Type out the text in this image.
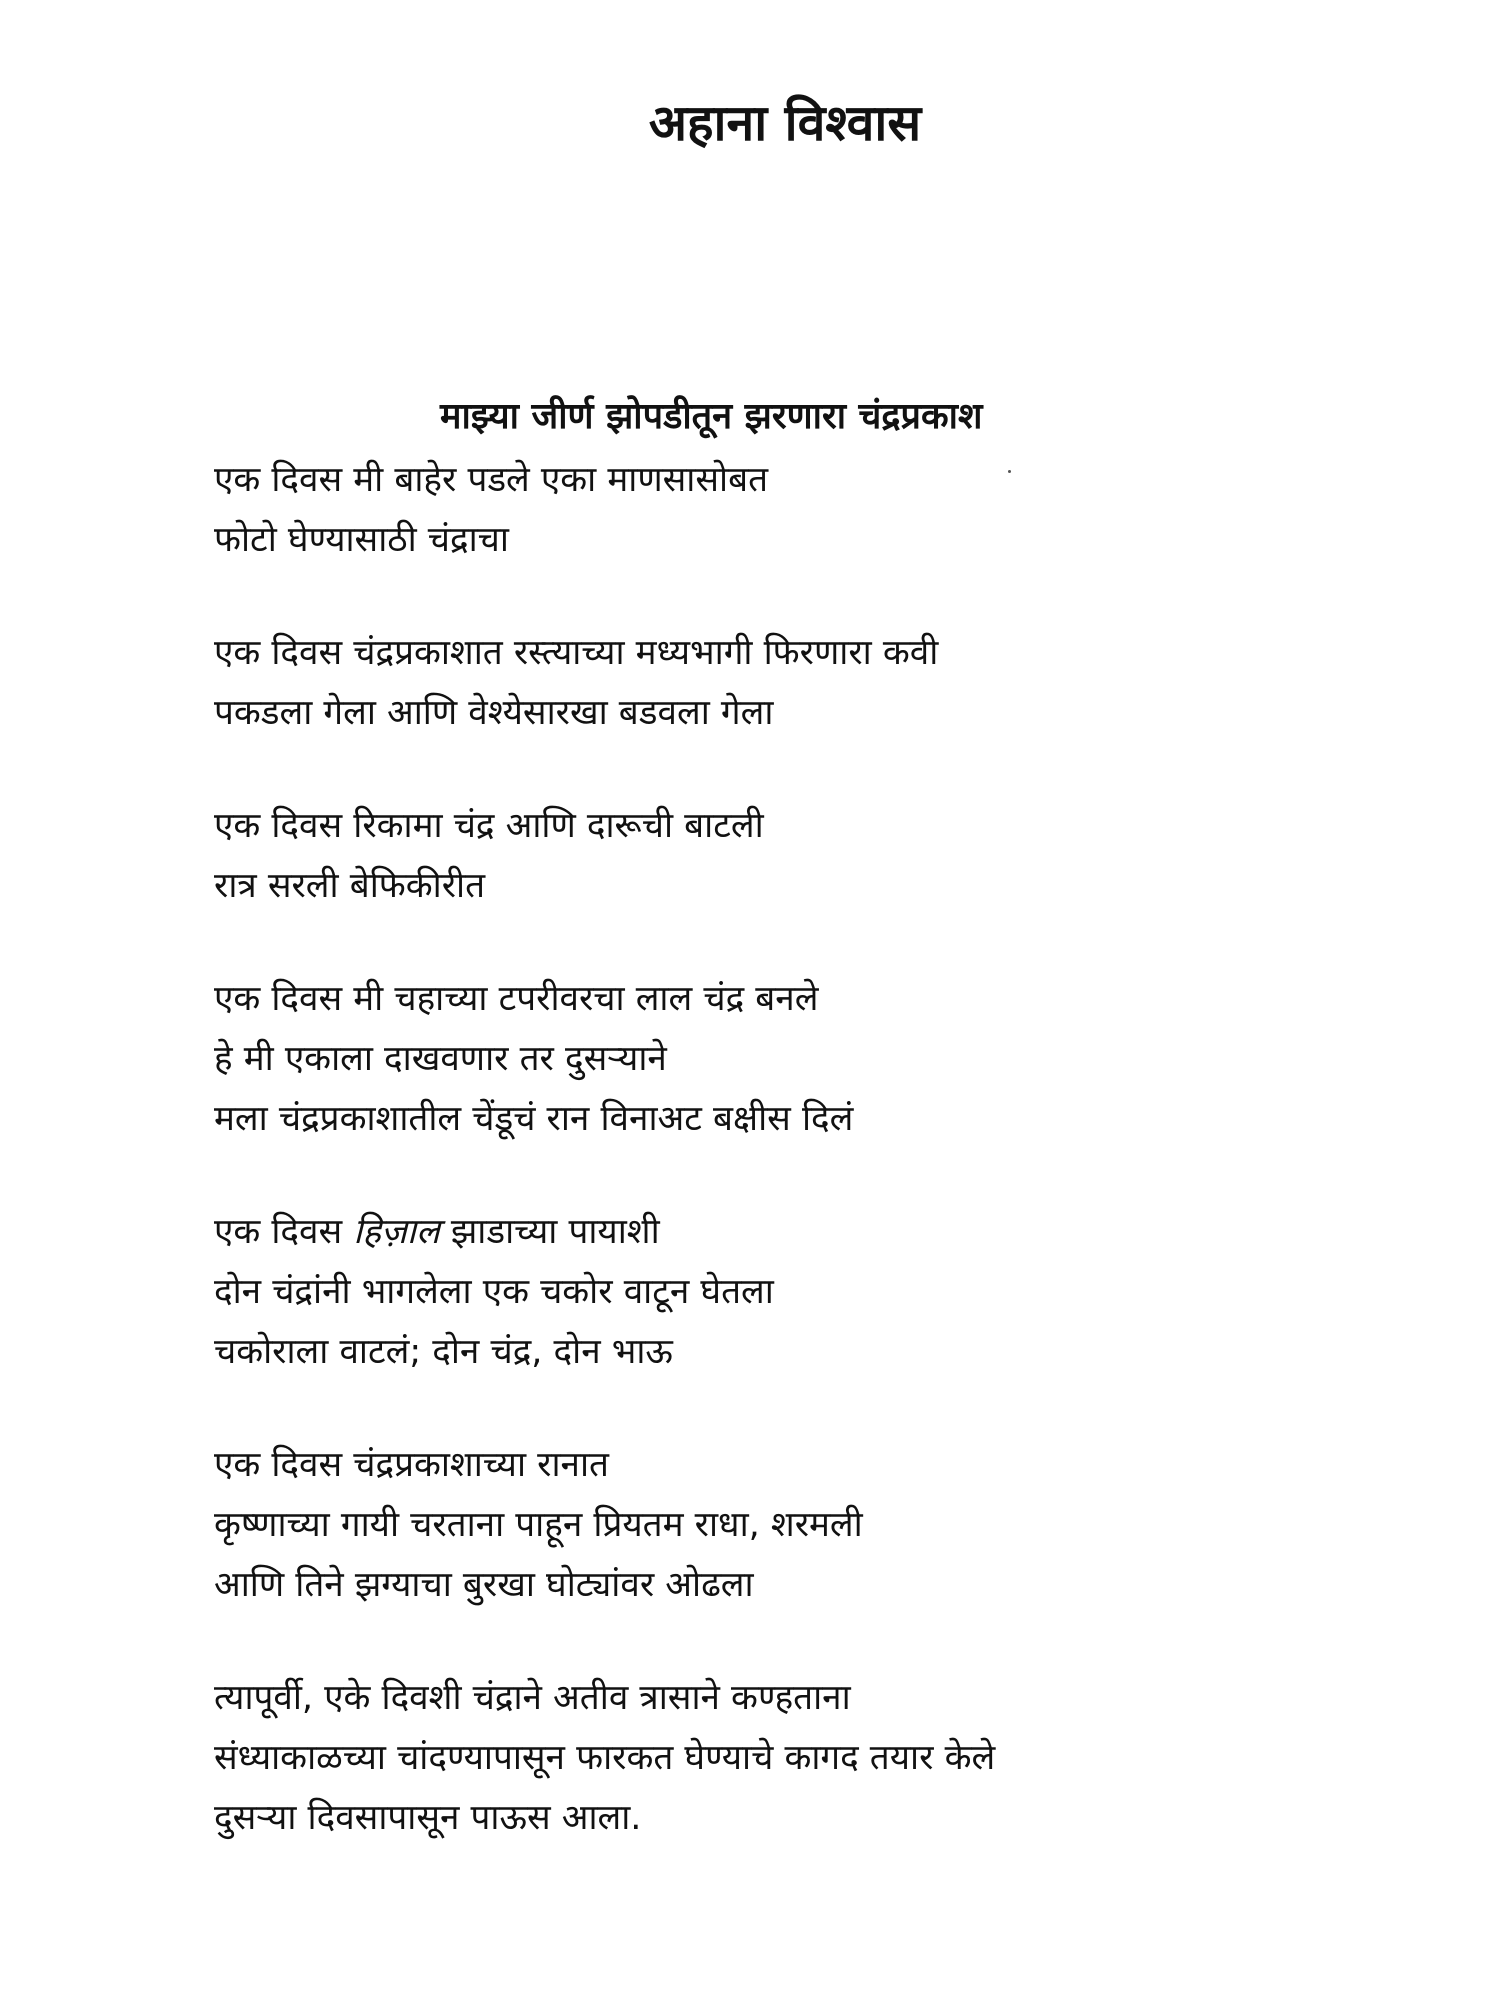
अहाना विश्वास
माझ्या जीर्ण झोपडीतून झरणारा चंद्रप्रकाश
एक दिवस मी बाहेर पडले एका माणसासोबत
फोटो घेण्यासाठी चंद्राचा
एक दिवस चंद्रप्रकाशात रस्त्याच्या मध्यभागी फिरणारा कवी
पकडला गेला आणि वेश्येसारखा बडवला गेला
एक दिवस रिकामा चंद्र आणि दारूची बाटली
रात्र सरली बेफिकीरीत
एक दिवस मी चहाच्या टपरीवरचा लाल चंद्र बनले
हे मी एकाला दाखवणार तर दुसऱ्याने
मला चंद्रप्रकाशातील चेंडूचं रान विनाअट बक्षीस दिलं
एक दिवस हिज़ाल झाडाच्या पायाशी
दोन चंद्रांनी भागलेला एक चकोर वाटून घेतला
चकोराला वाटलं; दोन चंद्र, दोन भाऊ
एक दिवस चंद्रप्रकाशाच्या रानात
कृष्णाच्या गायी चरताना पाहून प्रियतम राधा, शरमली
आणि तिने झग्याचा बुरखा घोट्यांवर ओढला
त्यापूर्वी, एके दिवशी चंद्राने अतीव त्रासाने कण्हताना
संध्याकाळच्या चांदण्यापासून फारकत घेण्याचे कागद तयार केले
दुसऱ्या दिवसापासून पाऊस आला.
